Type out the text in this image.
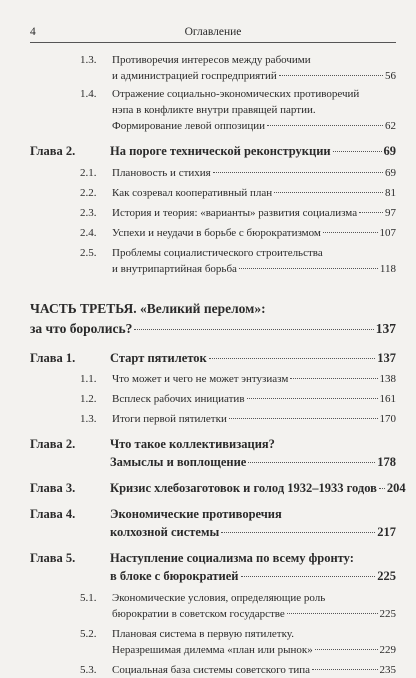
4	Оглавление
1.3.	Противоречия интересов между рабочими
и администрацией госпредприятий	56
1.4.	Отражение социально-экономических противоречий
нэпа в конфликте внутри правящей партии.
Формирование левой оппозиции	62
Глава 2.	На пороге технической реконструкции	69
2.1.	Плановость и стихия	69
2.2.	Как созревал кооперативный план	81
2.3.	История и теория: «варианты» развития социализма	97
2.4.	Успехи и неудачи в борьбе с бюрократизмом	107
2.5.	Проблемы социалистического строительства
и внутрипартийная борьба	118
ЧАСТЬ ТРЕТЬЯ. «Великий перелом»:
за что боролись?	137
Глава 1.	Старт пятилеток	137
1.1.	Что может и чего не может энтузиазм	138
1.2.	Всплеск рабочих инициатив	161
1.3.	Итоги первой пятилетки	170
Глава 2.	Что такое коллективизация?
Замыслы и воплощение	178
Глава 3.	Кризис хлебозаготовок и голод 1932–1933 годов 204
Глава 4.	Экономические противоречия
колхозной системы	217
Глава 5.	Наступление социализма по всему фронту:
в блоке с бюрократией	225
5.1.	Экономические условия, определяющие роль
бюрократии в советском государстве	225
5.2.	Плановая система в первую пятилетку.
Неразрешимая дилемма «план или рынок»	229
5.3.	Социальная база системы советского типа	235
